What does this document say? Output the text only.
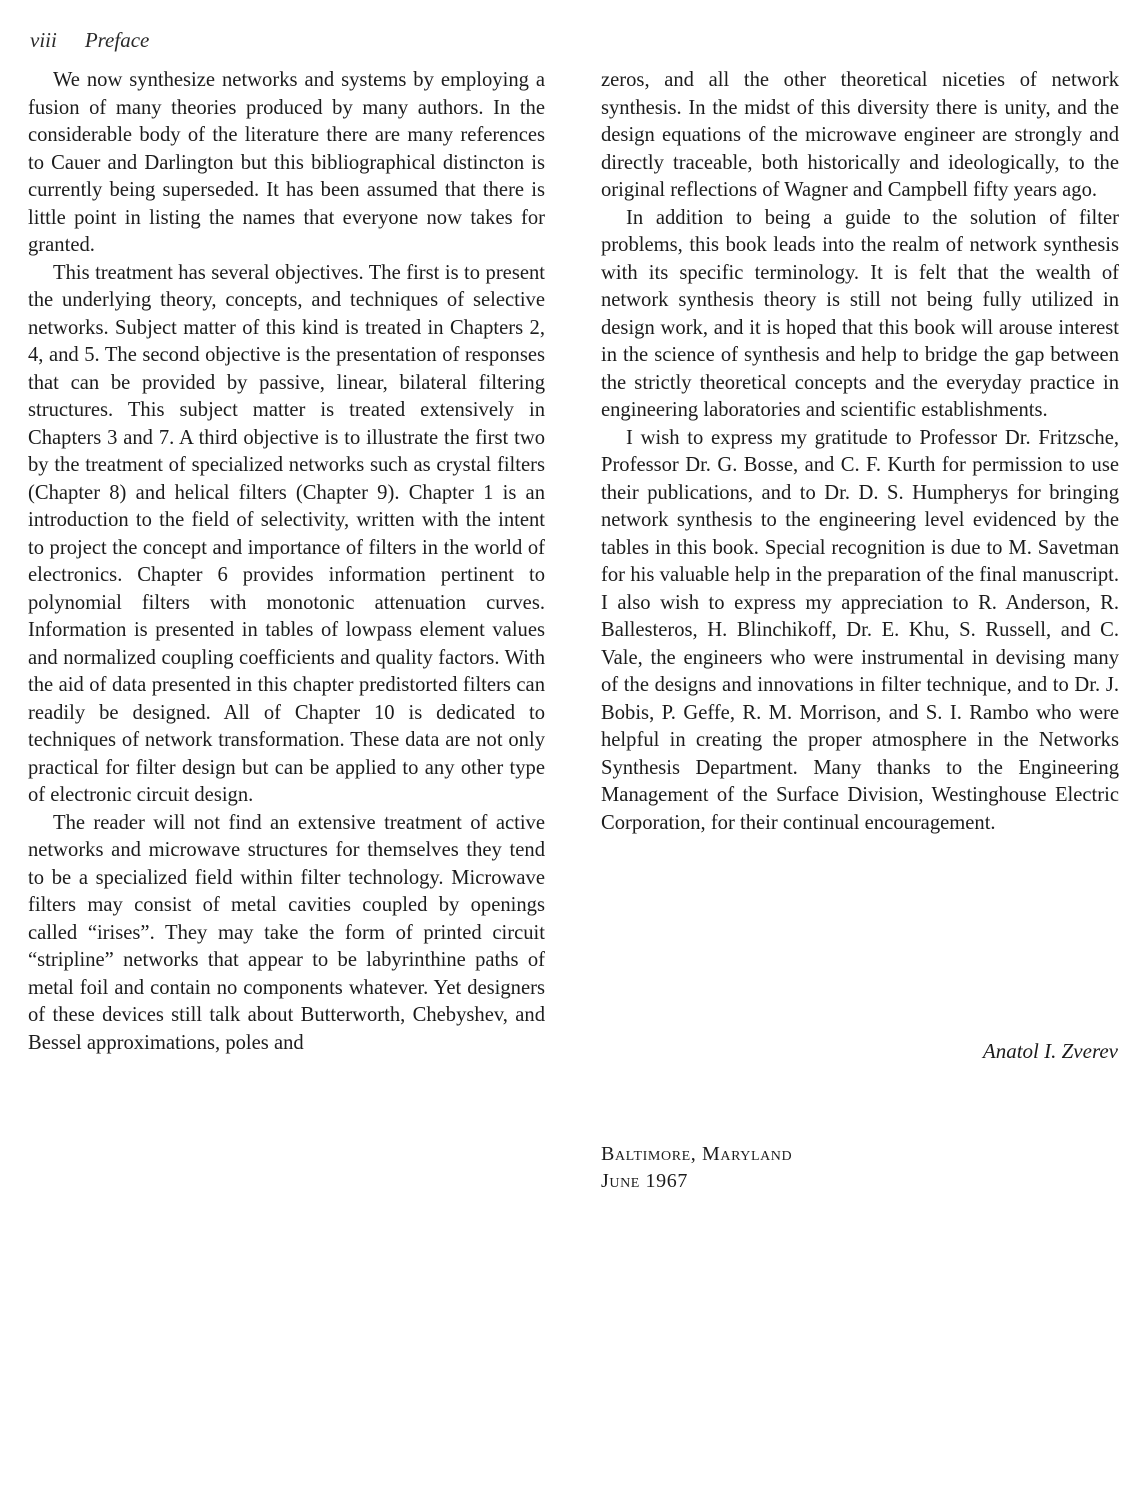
viii Preface

We now synthesize networks and systems by employing a fusion of many theories produced by many authors. In the considerable body of the literature there are many references to Cauer and Darlington but this bibliographical distincton is currently being superseded. It has been assumed that there is little point in listing the names that everyone now takes for granted.

This treatment has several objectives. The first is to present the underlying theory, concepts, and techniques of selective networks. Subject matter of this kind is treated in Chapters 2, 4, and 5. The second objective is the presentation of responses that can be provided by passive, linear, bilateral filtering structures. This subject matter is treated extensively in Chapters 3 and 7. A third objective is to illustrate the first two by the treatment of specialized networks such as crystal filters (Chapter 8) and helical filters (Chapter 9). Chapter 1 is an introduction to the field of selectivity, written with the intent to project the concept and importance of filters in the world of electronics. Chapter 6 provides information pertinent to polynomial filters with monotonic attenuation curves. Information is presented in tables of lowpass element values and normalized coupling coefficients and quality factors. With the aid of data presented in this chapter predistorted filters can readily be designed. All of Chapter 10 is dedicated to techniques of network transformation. These data are not only practical for filter design but can be applied to any other type of electronic circuit design.

The reader will not find an extensive treatment of active networks and microwave structures for themselves they tend to be a specialized field within filter technology. Microwave filters may consist of metal cavities coupled by openings called “irises”. They may take the form of printed circuit “stripline” networks that appear to be labyrinthine paths of metal foil and contain no components whatever. Yet designers of these devices still talk about Butterworth, Chebyshev, and Bessel approximations, poles and

zeros, and all the other theoretical niceties of network synthesis. In the midst of this diversity there is unity, and the design equations of the microwave engineer are strongly and directly traceable, both historically and ideologically, to the original reflections of Wagner and Campbell fifty years ago.

In addition to being a guide to the solution of filter problems, this book leads into the realm of network synthesis with its specific terminology. It is felt that the wealth of network synthesis theory is still not being fully utilized in design work, and it is hoped that this book will arouse interest in the science of synthesis and help to bridge the gap between the strictly theoretical concepts and the everyday practice in engineering laboratories and scientific establishments.

I wish to express my gratitude to Professor Dr. Fritzsche, Professor Dr. G. Bosse, and C. F. Kurth for permission to use their publications, and to Dr. D. S. Humpherys for bringing network synthesis to the engineering level evidenced by the tables in this book. Special recognition is due to M. Savetman for his valuable help in the preparation of the final manuscript. I also wish to express my appreciation to R. Anderson, R. Ballesteros, H. Blinchikoff, Dr. E. Khu, S. Russell, and C. Vale, the engineers who were instrumental in devising many of the designs and innovations in filter technique, and to Dr. J. Bobis, P. Geffe, R. M. Morrison, and S. I. Rambo who were helpful in creating the proper atmosphere in the Networks Synthesis Department. Many thanks to the Engineering Management of the Surface Division, Westinghouse Electric Corporation, for their continual encouragement.

Anatol I. Zverev
Baltimore, Maryland
June 1967
